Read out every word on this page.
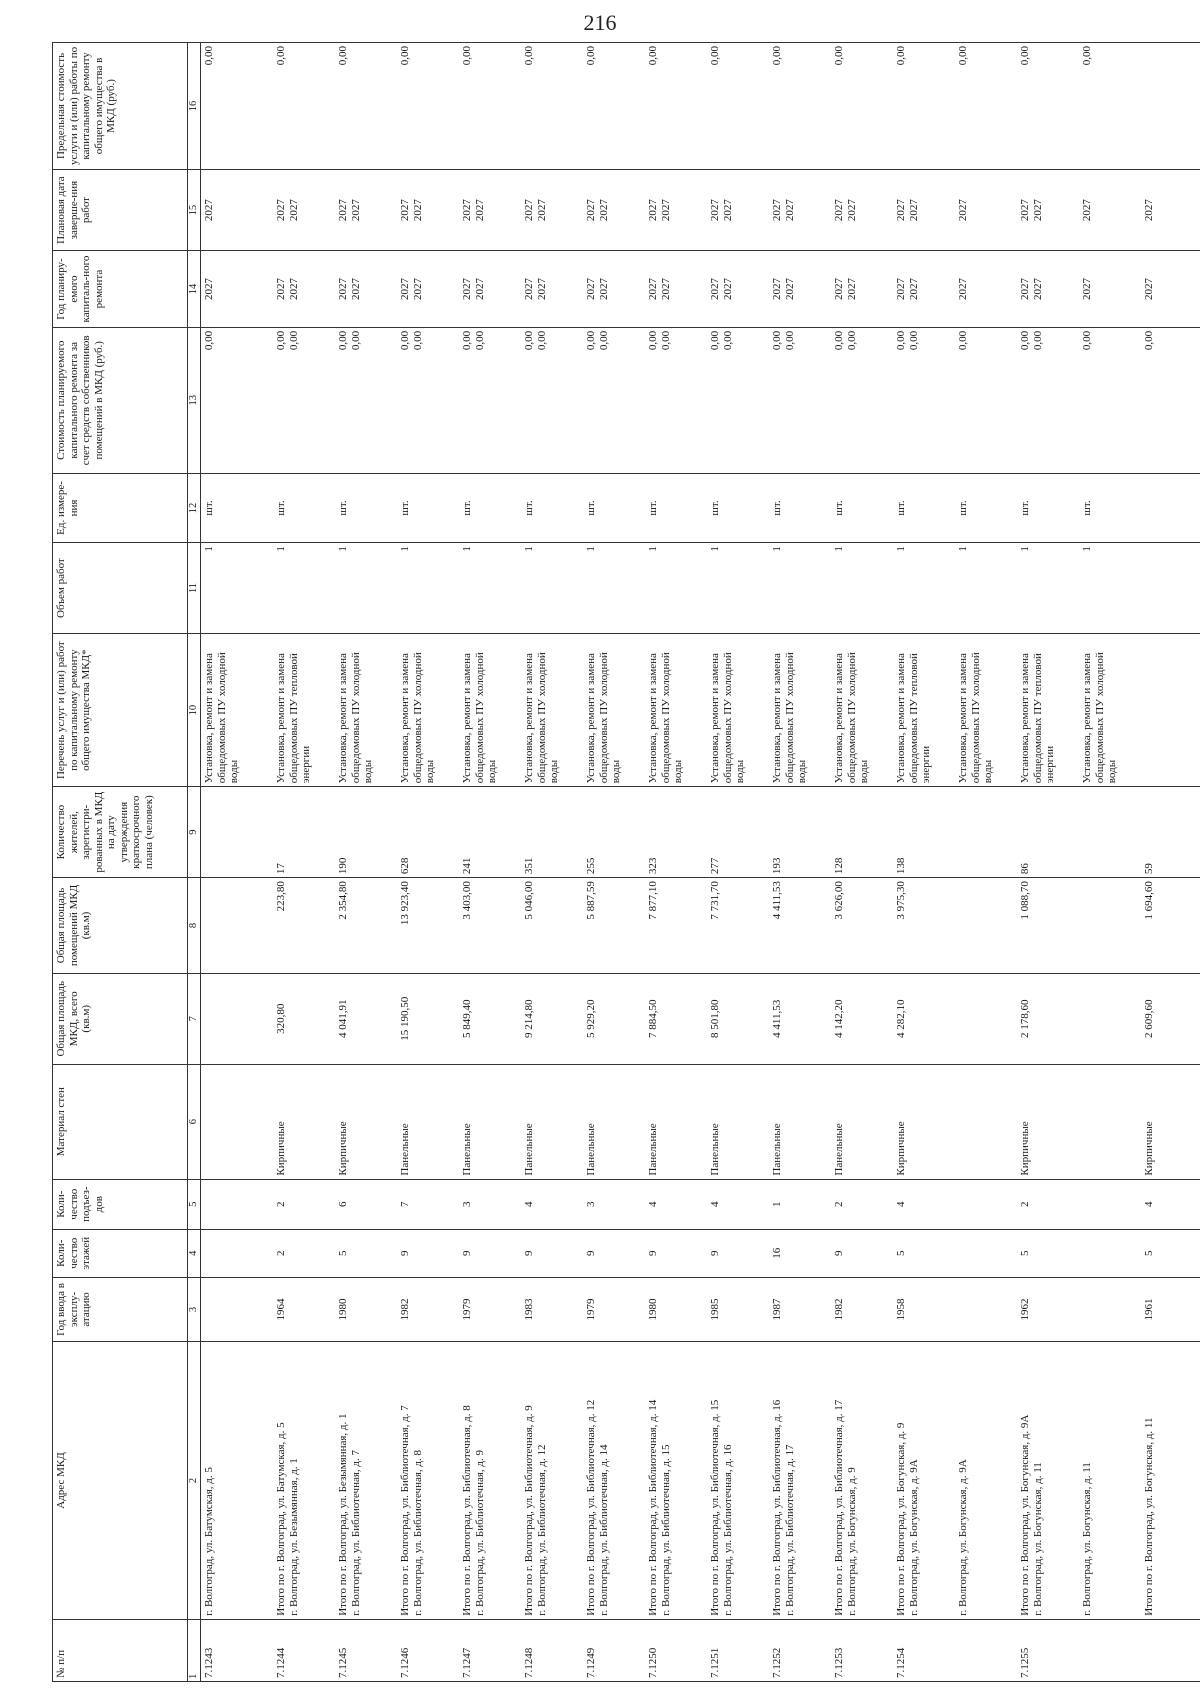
216
№ п/п	Адрес МКД	Год ввода в эксплу-атацию	Коли-чество этажей	Коли-чество подъез-дов	Материал стен	Общая площадь МКД, всего (кв.м)	Общая площадь помещений МКД (кв.м)	Количество жителей, зарегистри-рованных в МКД на дату утверждения краткосрочного плана (человек)	Перечень услуг и (или) работ по капитальному ремонту общего имущества МКД*	Объем работ	Ед. измере-ния	Стоимость планируемого капитального ремонта за счет средств собственников помещений в МКД (руб.)	Год планиру-емого капиталь-ного ремонта	Плановая дата заверше-ния работ	Предельная стоимость услуги и (или) работы по капитальному ремонту общего имущества в МКД (руб.)
1	2	3	4	5	6	7	8	9	10	11	12	13	14	15	16
7.1243	г. Волгоград, ул. Батумская, д. 5								Установка, ремонт и замена общедомовых ПУ холодной воды	1	шт.	0,00	2027	2027	0,00
7.1244	Итого по г. Волгоград, ул. Батумская, д. 5 г. Волгоград, ул. Безымянная, д. 1	1964	2	2	Кирпичные	320,80	223,80	17	Установка, ремонт и замена общедомовых ПУ тепловой энергии	1	шт.	0,00 0,00	2027 2027	2027 2027	0,00
7.1245	Итого по г. Волгоград, ул. Безымянная, д. 1 г. Волгоград, ул. Библиотечная, д. 7	1980	5	6	Кирпичные	4 041,91	2 354,80	190	Установка, ремонт и замена общедомовых ПУ холодной воды	1	шт.	0,00 0,00	2027 2027	2027 2027	0,00
7.1246	Итого по г. Волгоград, ул. Библиотечная, д. 7 г. Волгоград, ул. Библиотечная, д. 8	1982	9	7	Панельные	15 190,50	13 923,40	628	Установка, ремонт и замена общедомовых ПУ холодной воды	1	шт.	0,00 0,00	2027 2027	2027 2027	0,00
7.1247	Итого по г. Волгоград, ул. Библиотечная, д. 8 г. Волгоград, ул. Библиотечная, д. 9	1979	9	3	Панельные	5 849,40	3 403,00	241	Установка, ремонт и замена общедомовых ПУ холодной воды	1	шт.	0,00 0,00	2027 2027	2027 2027	0,00
7.1248	Итого по г. Волгоград, ул. Библиотечная, д. 9 г. Волгоград, ул. Библиотечная, д. 12	1983	9	4	Панельные	9 214,80	5 046,00	351	Установка, ремонт и замена общедомовых ПУ холодной воды	1	шт.	0,00 0,00	2027 2027	2027 2027	0,00
7.1249	Итого по г. Волгоград, ул. Библиотечная, д. 12 г. Волгоград, ул. Библиотечная, д. 14	1979	9	3	Панельные	5 929,20	5 887,59	255	Установка, ремонт и замена общедомовых ПУ холодной воды	1	шт.	0,00 0,00	2027 2027	2027 2027	0,00
7.1250	Итого по г. Волгоград, ул. Библиотечная, д. 14 г. Волгоград, ул. Библиотечная, д. 15	1980	9	4	Панельные	7 884,50	7 877,10	323	Установка, ремонт и замена общедомовых ПУ холодной воды	1	шт.	0,00 0,00	2027 2027	2027 2027	0,00
7.1251	Итого по г. Волгоград, ул. Библиотечная, д. 15 г. Волгоград, ул. Библиотечная, д. 16	1985	9	4	Панельные	8 501,80	7 731,70	277	Установка, ремонт и замена общедомовых ПУ холодной воды	1	шт.	0,00 0,00	2027 2027	2027 2027	0,00
7.1252	Итого по г. Волгоград, ул. Библиотечная, д. 16 г. Волгоград, ул. Библиотечная, д. 17	1987	16	1	Панельные	4 411,53	4 411,53	193	Установка, ремонт и замена общедомовых ПУ холодной воды	1	шт.	0,00 0,00	2027 2027	2027 2027	0,00
7.1253	Итого по г. Волгоград, ул. Библиотечная, д. 17 г. Волгоград, ул. Богунская, д. 9	1982	9	2	Панельные	4 142,20	3 626,00	128	Установка, ремонт и замена общедомовых ПУ холодной воды	1	шт.	0,00 0,00	2027 2027	2027 2027	0,00
7.1254	Итого по г. Волгоград, ул. Богунская, д. 9 г. Волгоград, ул. Богунская, д. 9А	1958	5	4	Кирпичные	4 282,10	3 975,30	138	Установка, ремонт и замена общедомовых ПУ тепловой энергии	1	шт.	0,00 0,00	2027 2027	2027 2027	0,00

	г. Волгоград, ул. Богунская, д. 9А								Установка, ремонт и замена общедомовых ПУ холодной воды	1	шт.	0,00	2027	2027	0,00
7.1255	Итого по г. Волгоград, ул. Богунская, д. 9А г. Волгоград, ул. Богунская, д. 11	1962	5	2	Кирпичные	2 178,60	1 088,70	86	Установка, ремонт и замена общедомовых ПУ тепловой энергии	1	шт.	0,00 0,00	2027 2027	2027 2027	0,00

	г. Волгоград, ул. Богунская, д. 11								Установка, ремонт и замена общедомовых ПУ холодной воды	1	шт.	0,00	2027	2027	0,00

	Итого по г. Волгоград, ул. Богунская, д. 11	1961	5	4	Кирпичные	2 609,60	1 694,60	59				0,00	2027	2027	
